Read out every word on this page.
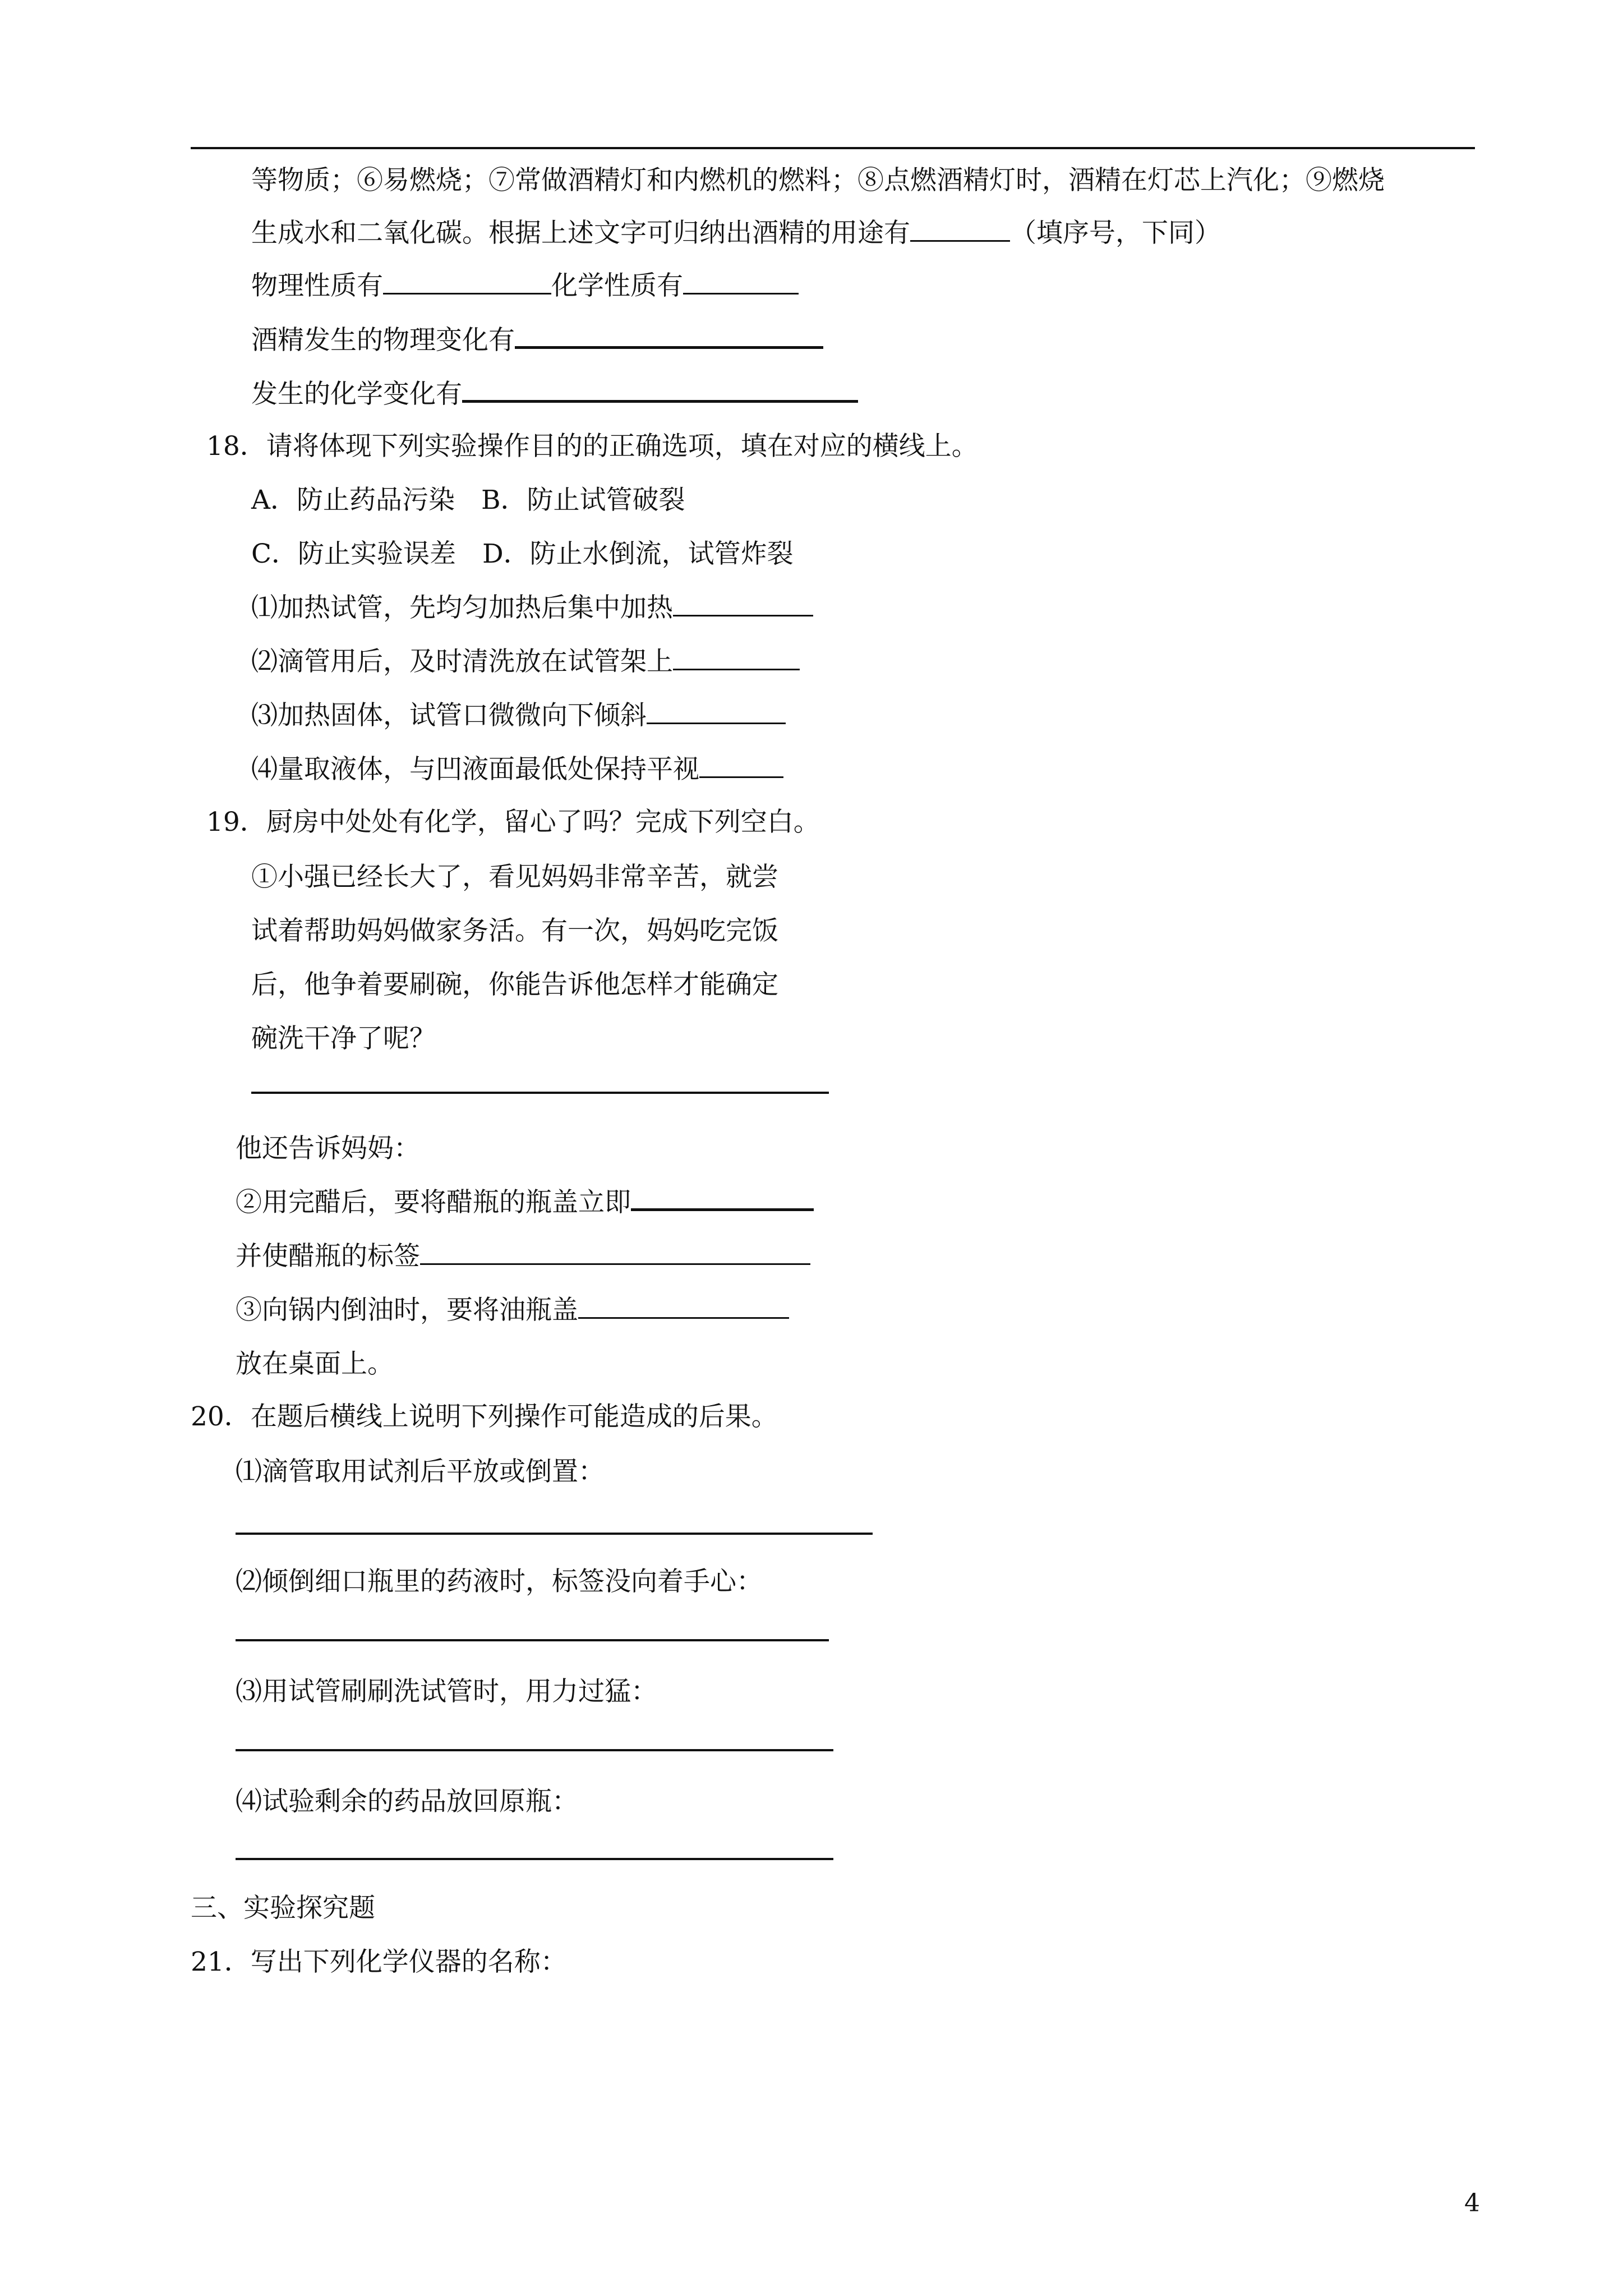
等物质；⑥易燃烧；⑦常做酒精灯和内燃机的燃料；⑧点燃酒精灯时，酒精在灯芯上汽化；⑨燃烧
生成水和二氧化碳。根据上述文字可归纳出酒精的用途有	（填序号，下同）
物理性质有	化学性质有
酒精发生的物理变化有
发生的化学变化有
18．请将体现下列实验操作目的的正确选项，填在对应的横线上。
A．防止药品污染　B．防止试管破裂
C．防止实验误差　D．防止水倒流，试管炸裂
⑴加热试管，先均匀加热后集中加热
⑵滴管用后，及时清洗放在试管架上
⑶加热固体，试管口微微向下倾斜
⑷量取液体，与凹液面最低处保持平视
19．厨房中处处有化学，留心了吗？完成下列空白。
①小强已经长大了，看见妈妈非常辛苦，就尝
试着帮助妈妈做家务活。有一次，妈妈吃完饭
后，他争着要刷碗，你能告诉他怎样才能确定
碗洗干净了呢？
他还告诉妈妈：
②用完醋后，要将醋瓶的瓶盖立即
并使醋瓶的标签
③向锅内倒油时，要将油瓶盖
放在桌面上。
20．在题后横线上说明下列操作可能造成的后果。
⑴滴管取用试剂后平放或倒置：
⑵倾倒细口瓶里的药液时，标签没向着手心：
⑶用试管刷刷洗试管时，用力过猛：
⑷试验剩余的药品放回原瓶：
三、实验探究题
21．写出下列化学仪器的名称：
4
